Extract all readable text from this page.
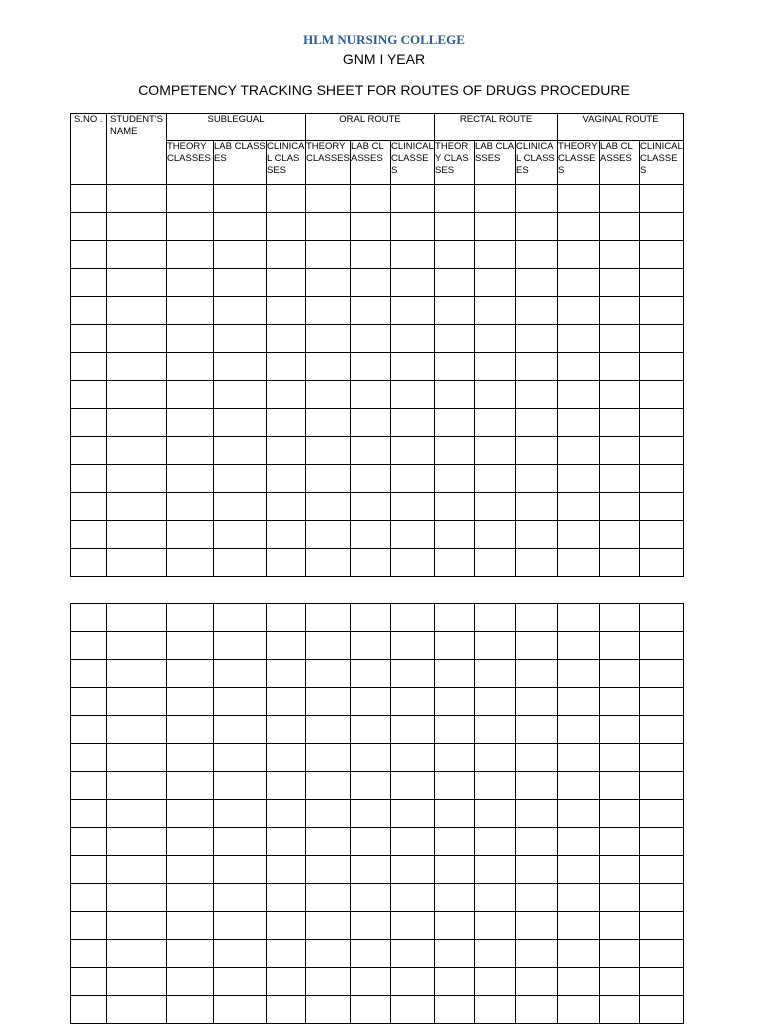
HLM NURSING COLLEGE
GNM I YEAR
COMPETENCY TRACKING SHEET FOR ROUTES OF DRUGS PROCEDURE
S.NO .	STUDENT'S NAME	SUBLEGUAL			ORAL ROUTE			RECTAL ROUTE			VAGINAL ROUTE		
		THEORY CLASSES	LAB CLASSES	CLINICAL CLASSES	THEORY CLASSES	LAB CLASSES	CLINICAL CLASSES	THEORY CLASSES	LAB CLASSES	CLINICAL CLASSES	THEORY CLASSES	LAB CLASSES	CLINICAL CLASSES
